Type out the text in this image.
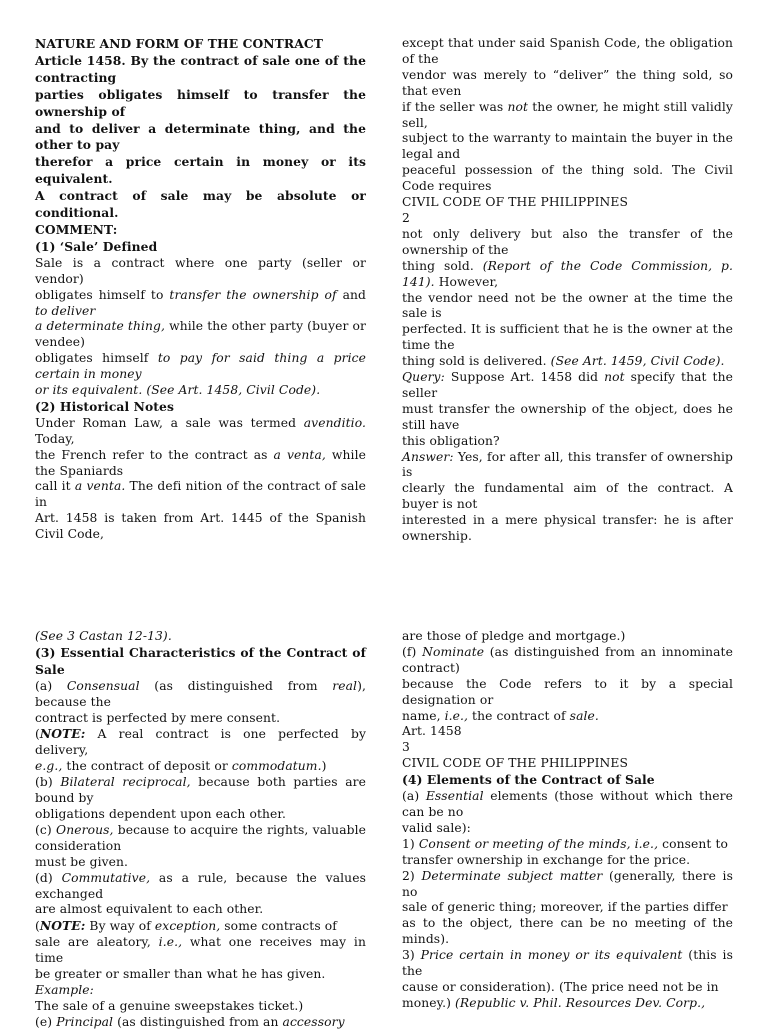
NATURE AND FORM OF THE CONTRACT

Article 1458. By the contract of sale one of the contracting

parties obligates himself to transfer the ownership of

and to deliver a determinate thing, and the other to pay

therefor a price certain in money or its equivalent.

A contract of sale may be absolute or conditional.

COMMENT:

(1) ‘Sale’ Defined

Sale is a contract where one party (seller or vendor)

obligates himself to transfer the ownership of and to deliver

a determinate thing, while the other party (buyer or vendee)

obligates himself to pay for said thing a price certain in money

or its equivalent. (See Art. 1458, Civil Code).

(2) Historical Notes

Under Roman Law, a sale was termed avenditio. Today,

the French refer to the contract as a venta, while the Spaniards

call it a venta. The defi nition of the contract of sale in

Art. 1458 is taken from Art. 1445 of the Spanish Civil Code,

except that under said Spanish Code, the obligation of the

vendor was merely to “deliver” the thing sold, so that even

if the seller was not the owner, he might still validly sell,

subject to the warranty to maintain the buyer in the legal and

peaceful possession of the thing sold. The Civil Code requires

CIVIL CODE OF THE PHILIPPINES

2

not only delivery but also the transfer of the ownership of the

thing sold. (Report of the Code Commission, p. 141). However,

the vendor need not be the owner at the time the sale is

perfected. It is sufficient that he is the owner at the time the

thing sold is delivered. (See Art. 1459, Civil Code).

Query: Suppose Art. 1458 did not specify that the seller

must transfer the ownership of the object, does he still have

this obligation?

Answer: Yes, for after all, this transfer of ownership is

clearly the fundamental aim of the contract. A buyer is not

interested in a mere physical transfer: he is after ownership.

(See 3 Castan 12-13).

(3) Essential Characteristics of the Contract of Sale

(a) Consensual (as distinguished from real), because the

contract is perfected by mere consent.

(NOTE: A real contract is one perfected by delivery,

e.g., the contract of deposit or commodatum.)

(b) Bilateral reciprocal, because both parties are bound by

obligations dependent upon each other.

(c) Onerous, because to acquire the rights, valuable consideration

must be given.

(d) Commutative, as a rule, because the values exchanged

are almost equivalent to each other.

(NOTE: By way of exception, some contracts of

sale are aleatory, i.e., what one receives may in time

be greater or smaller than what he has given.

Example:

The sale of a genuine sweepstakes ticket.)

(e) Principal (as distinguished from an accessory

are those of pledge and mortgage.)

(f) Nominate (as distinguished from an innominate contract)

because the Code refers to it by a special designation or

name, i.e., the contract of sale.

Art. 1458

3

CIVIL CODE OF THE PHILIPPINES

(4) Elements of the Contract of Sale

(a) Essential elements (those without which there can be no

valid sale):

1) Consent or meeting of the minds, i.e., consent to

transfer ownership in exchange for the price.

2) Determinate subject matter (generally, there is no

sale of generic thing; moreover, if the parties differ

as to the object, there can be no meeting of the minds).

3) Price certain in money or its equivalent (this is the

cause or consideration). (The price need not be in

money.) (Republic v. Phil. Resources Dev. Corp.,
